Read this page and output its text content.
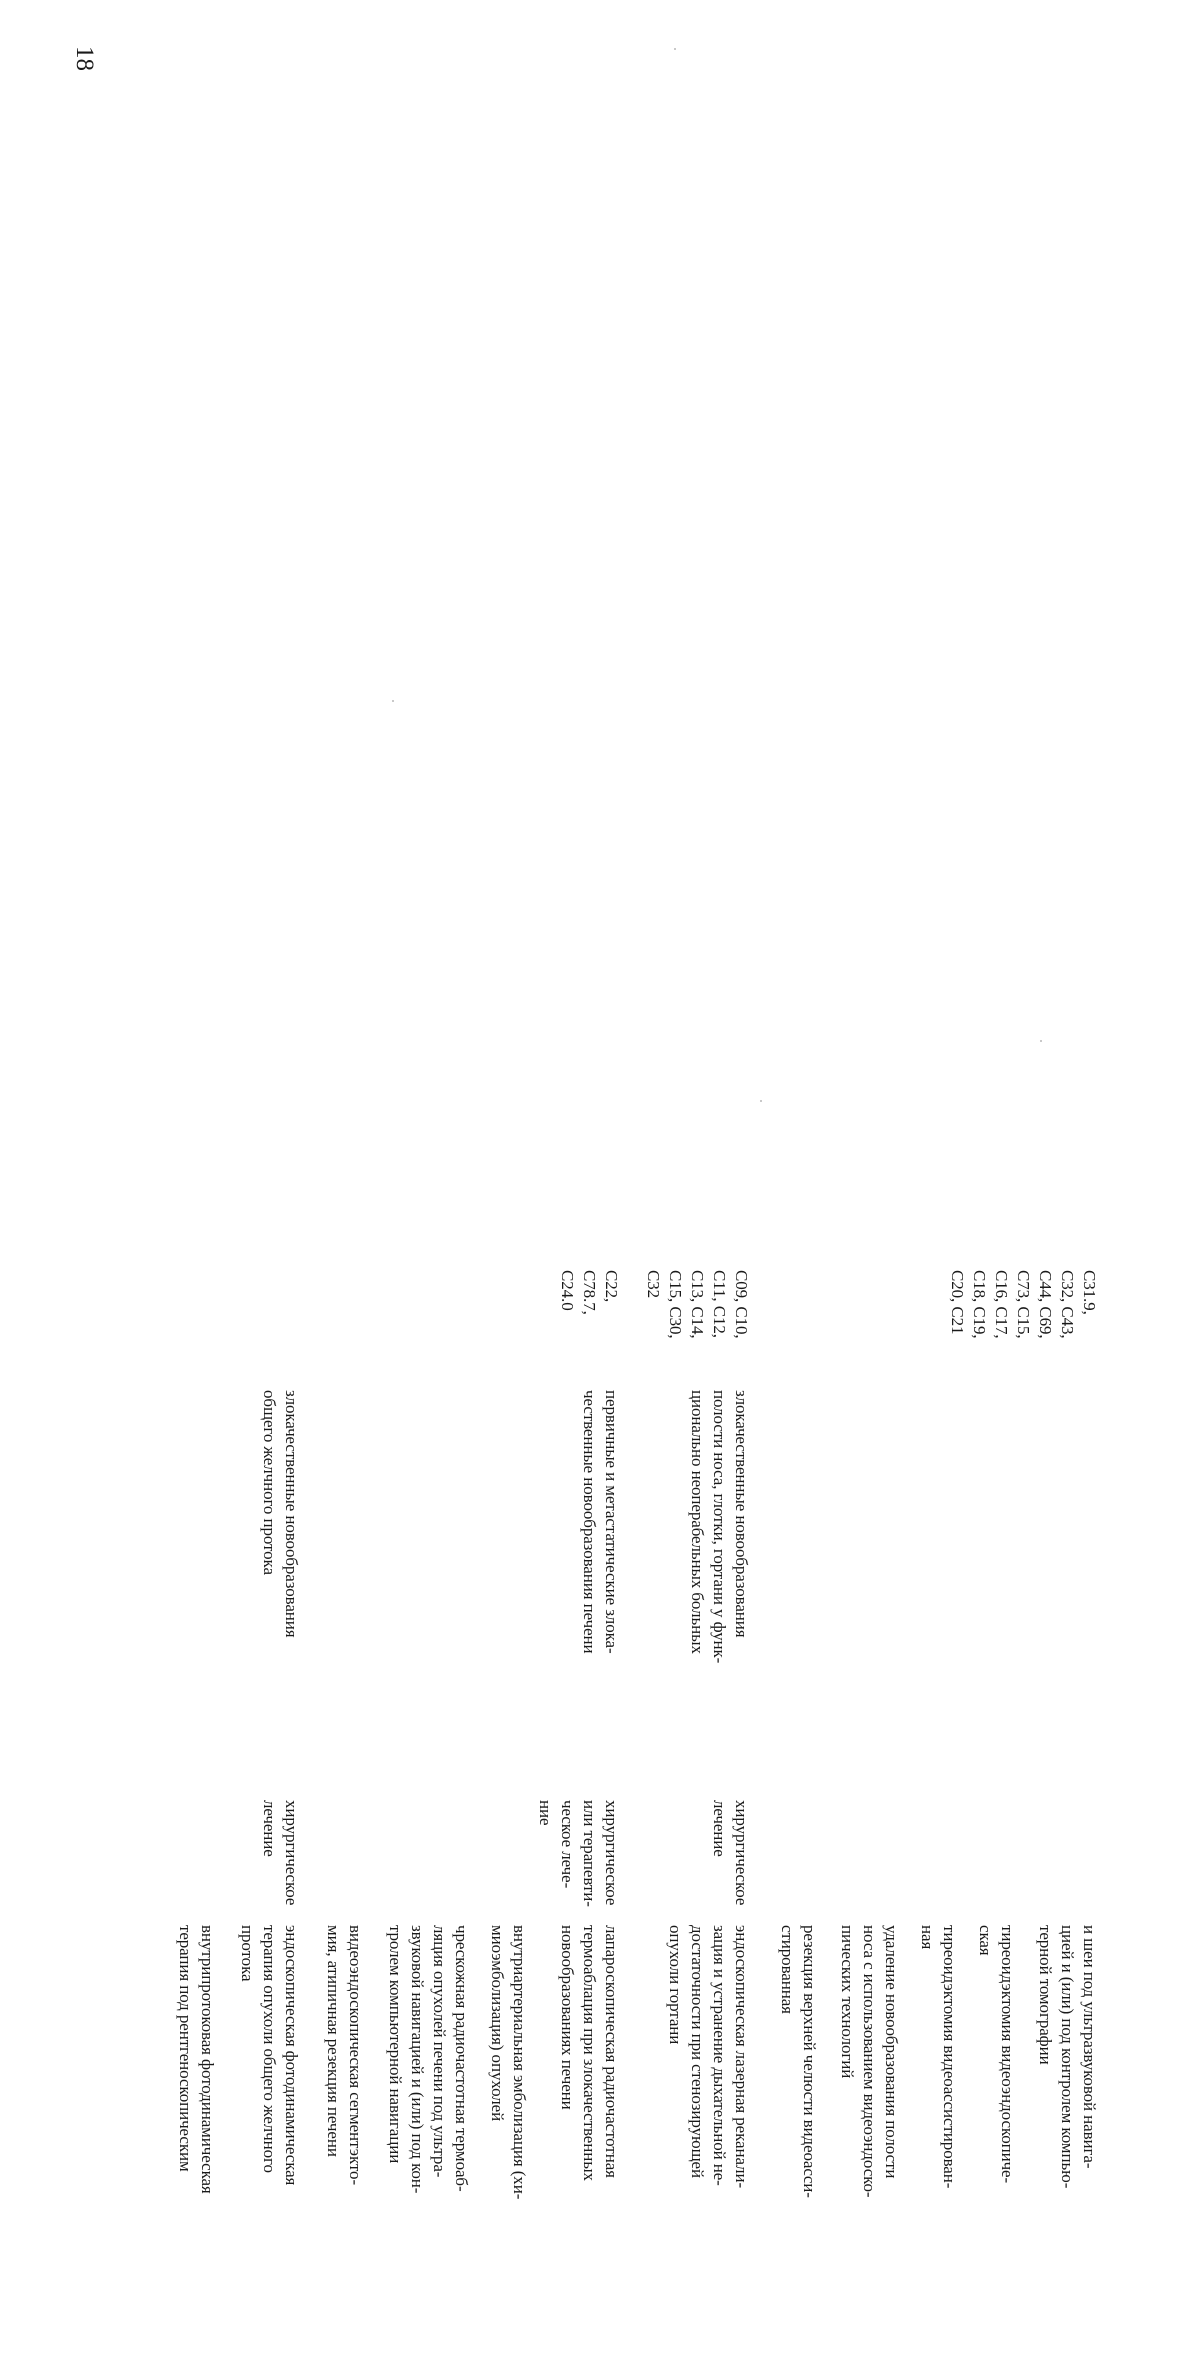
18
C31.9,
C32, C43,
C44, C69,
C73, C15,
C16, C17,
C18, C19,
C20, C21
и шеи под ультразвуковой навига-
цией и (или) под контролем компью-
терной томографии
тиреоидэктомия видеоэндоскопиче-
ская
тиреоидэктомия видеоассистирован-
ная
удаление новообразования полости
носа с использованием видеоэндоско-
пических технологий
резекция верхней челюсти видеоасси-
стированная
C09, C10,
C11, C12,
C13, C14,
C15, C30,
C32
злокачественные новообразования
полости носа, глотки, гортани у функ-
ционально неоперабельных больных
хирургическое
лечение
эндоскопическая лазерная реканали-
зация и устранение дыхательной не-
достаточности при стенозирующей
опухоли гортани
C22,
C78.7,
C24.0
первичные и метастатические злока-
чественные новообразования печени
хирургическое
или терапевти-
ческое лече-
ние
лапароскопическая радиочастотная
термоаблация при злокачественных
новообразованиях печени
внутриартериальная эмболизация (хи-
миоэмболизация) опухолей
чрескожная радиочастотная термоаб-
ляция опухолей печени под ультра-
звуковой навигацией и (или) под кон-
тролем компьютерной навигации
видеоэндоскопическая сегментэкто-
мия, атипичная резекция печени
злокачественные новообразования
общего желчного протока
хирургическое
лечение
эндоскопическая фотодинамическая
терапия опухоли общего желчного
протока
внутрипротоковая фотодинамическая
терапия под рентгеноскопическим
